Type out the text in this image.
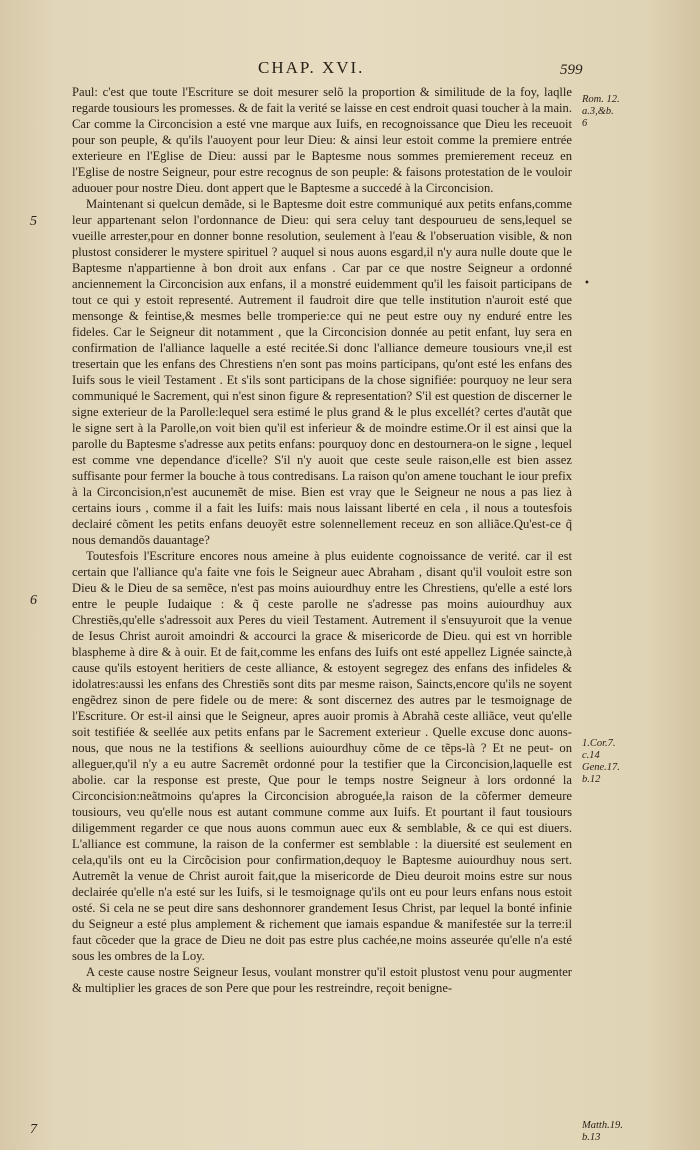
CHAP. XVI.	599

Paul: c'est que toute l'Escriture se doit mesurer selõ la proportion & similitude de la foy, laqlle regarde tousiours les promesses. & de fait la verité se laisse en cest endroit quasi toucher à la main. Car comme la Circoncision a esté vne marque aux Iuifs, en recognoissance que Dieu les receuoit pour son peuple, & qu'ils l'auoyent pour leur Dieu: & ainsi leur estoit comme la premiere entrée exterieure en l'Eglise de Dieu: aussi par le Baptesme nous sommes premierement receuz en l'Eglise de nostre Seigneur, pour estre recognus de son peuple: & faisons protestation de le vouloir aduouer pour nostre Dieu. dont appert que le Baptesme a succedé à la Circoncision.

Maintenant si quelcun demãde, si le Baptesme doit estre communiqué aux petits enfans,comme leur appartenant selon l'ordonnance de Dieu: qui sera celuy tant despourueu de sens,lequel se vueille arrester,pour en donner bonne resolution, seulement à l'eau & l'obseruation visible, & non plustost considerer le mystere spirituel ? auquel si nous auons esgard,il n'y aura nulle doute que le Baptesme n'appartienne à bon droit aux enfans . Car par ce que nostre Seigneur a ordonné anciennement la Circoncision aux enfans, il a monstré euidemment qu'il les faisoit participans de tout ce qui y estoit representé. Autrement il faudroit dire que telle institution n'auroit esté que mensonge & feintise,& mesmes belle tromperie:ce qui ne peut estre ouy ny enduré entre les fideles. Car le Seigneur dit notamment , que la Circoncision donnée au petit enfant, luy sera en confirmation de l'alliance laquelle a esté recitée.Si donc l'alliance demeure tousiours vne,il est tresertain que les enfans des Chrestiens n'en sont pas moins participans, qu'ont esté les enfans des Iuifs sous le vieil Testament . Et s'ils sont participans de la chose signifiée: pourquoy ne leur sera communiqué le Sacrement, qui n'est sinon figure & representation? S'il est question de discerner le signe exterieur de la Parolle:lequel sera estimé le plus grand & le plus excellét? certes d'autãt que le signe sert à la Parolle,on voit bien qu'il est inferieur & de moindre estime.Or il est ainsi que la parolle du Baptesme s'adresse aux petits enfans: pourquoy donc en destournera-on le signe , lequel est comme vne dependance d'icelle? S'il n'y auoit que ceste seule raison,elle est bien assez suffisante pour fermer la bouche à tous contredisans. La raison qu'on amene touchant le iour prefix à la Circoncision,n'est aucunemẽt de mise. Bien est vray que le Seigneur ne nous a pas liez à certains iours , comme il a fait les Iuifs: mais nous laissant liberté en cela , il nous a toutesfois declairé cõment les petits enfans deuoyẽt estre solennellement receuz en son alliãce.Qu'est-ce q̃ nous demandõs dauantage?

Toutesfois l'Escriture encores nous ameine à plus euidente cognoissance de verité. car il est certain que l'alliance qu'a faite vne fois le Seigneur auec Abraham , disant qu'il vouloit estre son Dieu & le Dieu de sa semẽce, n'est pas moins auiourdhuy entre les Chrestiens, qu'elle a esté lors entre le peuple Iudaique : & q̃ ceste parolle ne s'adresse pas moins auiourdhuy aux Chrestiẽs,qu'elle s'adressoit aux Peres du vieil Testament. Autrement il s'ensuyuroit que la venue de Iesus Christ auroit amoindri & accourci la grace & misericorde de Dieu. qui est vn horrible blaspheme à dire & à ouir. Et de fait,comme les enfans des Iuifs ont esté appellez Lignée saincte,à cause qu'ils estoyent heritiers de ceste alliance, & estoyent segregez des enfans des infideles & idolatres:aussi les enfans des Chrestiẽs sont dits par mesme raison, Saincts,encore qu'ils ne soyent engẽdrez sinon de pere fidele ou de mere: & sont discernez des autres par le tesmoignage de l'Escriture. Or est-il ainsi que le Seigneur, apres auoir promis à Abrahã ceste alliãce, veut qu'elle soit testifiée & seellée aux petits enfans par le Sacrement exterieur . Quelle excuse donc auons- nous, que nous ne la testifions & seellions auiourdhuy cõme de ce tẽps-là ? Et ne peut- on alleguer,qu'il n'y a eu autre Sacremẽt ordonné pour la testifier que la Circoncision,laquelle est abolie. car la response est preste, Que pour le temps nostre Seigneur à lors ordonné la Circoncision:neãtmoins qu'apres la Circoncision abroguée,la raison de la cõfermer demeure tousiours, veu qu'elle nous est autant commune comme aux Iuifs. Et pourtant il faut tousiours diligemment regarder ce que nous auons commun auec eux & semblable, & ce qui est diuers. L'alliance est commune, la raison de la confermer est semblable : la diuersité est seulement en cela,qu'ils ont eu la Circõcision pour confirmation,dequoy le Baptesme auiourdhuy nous sert. Autremẽt la venue de Christ auroit fait,que la misericorde de Dieu deuroit moins estre sur nous declairée qu'elle n'a esté sur les Iuifs, si le tesmoignage qu'ils ont eu pour leurs enfans nous estoit osté. Si cela ne se peut dire sans deshonnorer grandement Iesus Christ, par lequel la bonté infinie du Seigneur a esté plus amplement & richement que iamais espandue & manifestée sur la terre:il faut cõceder que la grace de Dieu ne doit pas estre plus cachée,ne moins asseurée qu'elle n'a esté sous les ombres de la Loy.

A ceste cause nostre Seigneur Iesus, voulant monstrer qu'il estoit plustost venu pour augmenter & multiplier les graces de son Pere que pour les restreindre, reçoit benigne-

5
6
7
Rom. 12.
a.3,&b.
6
•
1.Cor.7.
c.14
Gene.17.
b.12
Matth.19.
b.13
